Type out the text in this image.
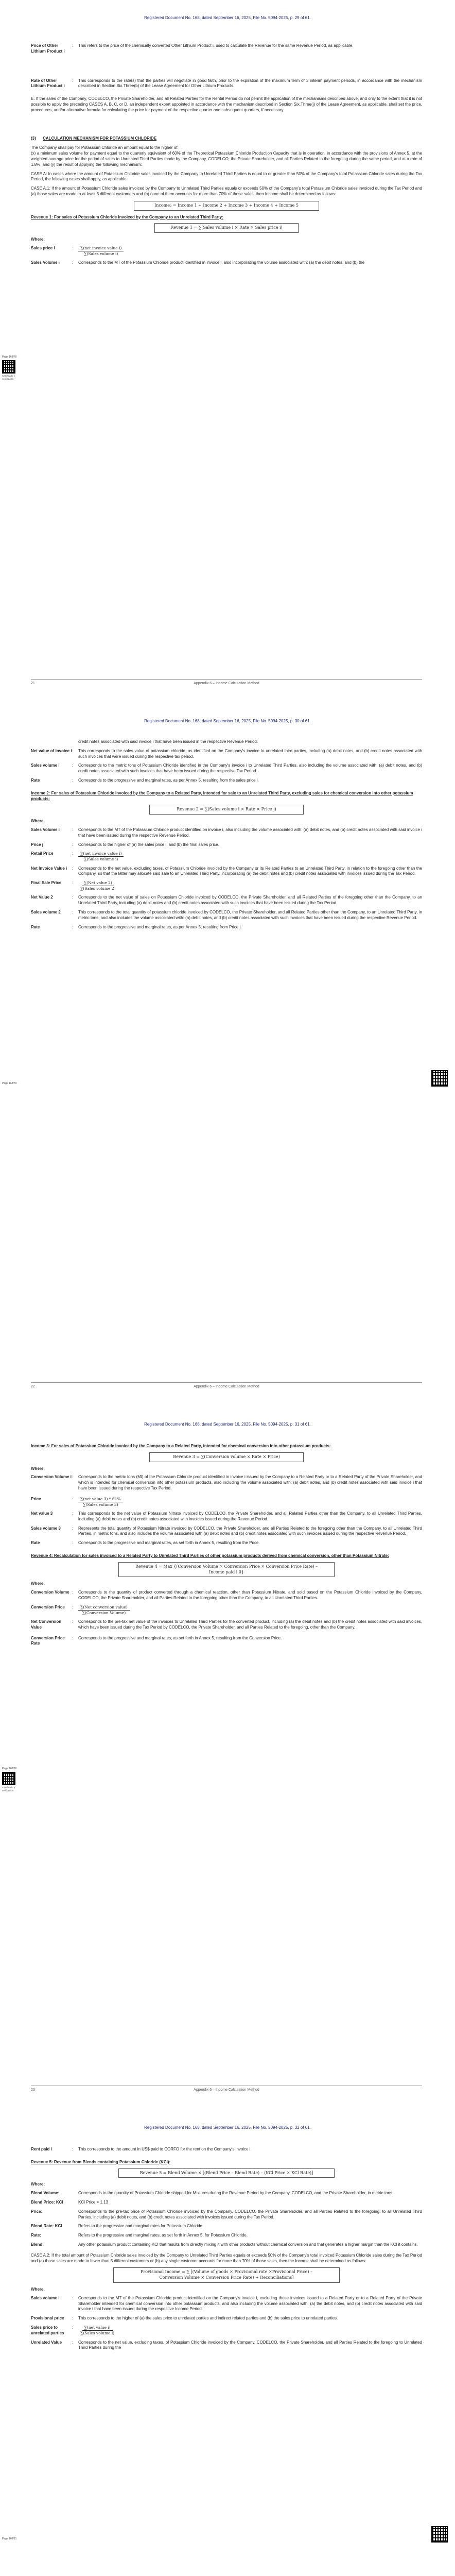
Registered Document No. 168, dated September 16, 2025, File No. 5094-2025, p. 29 of 61.
Page 168/78
Certificado y verificación
Price of Other Lithium Product i
:	This refers to the price of the chemically converted Other Lithium Product i, used to calculate the Revenue for the same Revenue Period, as applicable.
Rate of Other Lithium Product i
:	This corresponds to the rate(s) that the parties will negotiate in good faith, prior to the expiration of the maximum term of 3 interim payment periods, in accordance with the mechanism described in Section Six.Three(b) of the Lease Agreement for Other Lithium Products.

E. If the sales of the Company, CODELCO, the Private Shareholder, and all Related Parties for the Rental Period do not permit the application of the mechanisms described above, and only to the extent that it is not possible to apply the preceding CASES A, B, C, or D, an independent expert appointed in accordance with the mechanism described in Section Six.Three(j) of the Lease Agreement, as applicable, shall set the price, procedures, and/or alternative formula for calculating the price for payment of the respective quarter and subsequent quarters, if necessary.

(3) CALCULATION MECHANISM FOR POTASSIUM CHLORIDE

The Company shall pay for Potassium Chloride an amount equal to the higher of:
(x) a minimum sales volume for payment equal to the quarterly equivalent of 60% of the Theoretical Potassium Chloride Production Capacity that is in operation, in accordance with the provisions of Annex 5, at the weighted average price for the period of sales to Unrelated Third Parties made by the Company, CODELCO, the Private Shareholder, and all Parties Related to the foregoing during the same period, and at a rate of 1.8%, and (y) the result of applying the following mechanism:

CASE A: In cases where the amount of Potassium Chloride sales invoiced by the Company to Unrelated Third Parties is equal to or greater than 50% of the Company's total Potassium Chloride sales during the Tax Period, the following cases shall apply, as applicable:

CASE A.1: If the amount of Potassium Chloride sales invoiced by the Company to Unrelated Third Parties equals or exceeds 50% of the Company's total Potassium Chloride sales invoiced during the Tax Period and (a) those sales are made to at least 3 different customers and (b) none of them accounts for more than 70% of those sales, then Income shall be determined as follows:

Income₂ = Income 1 + Income 2 + Income 3 + Income 4 + Income 5
Revenue 1: For sales of Potassium Chloride invoiced by the Company to an Unrelated Third Party:
Revenue 1 = ∑(Sales volume i × Rate × Sales price i)
Where,
Sales price i	:	$\frac{\text{∑(net invoice value i)}}{\text{∑(Sales volume i)}}$
Sales Volume i	:	Corresponds to the MT of the Potassium Chloride product identified in invoice i, also incorporating the volume associated with: (a) the debit notes, and (b) the
21	Appendix 6 – Income Calculation Method
Registered Document No. 168, dated September 16, 2025, File No. 5094-2025, p. 30 of 61.
Page 168/79

credit notes associated with said invoice i that have been issued in the respective Revenue Period.

Net value of invoice i :	This corresponds to the sales value of potassium chloride, as identified on the Company's invoice to unrelated third parties, including (a) debit notes, and (b) credit notes associated with such invoices that were issued during the respective tax period.
Sales volume i	:	Corresponds to the metric tons of Potassium Chloride identified in the Company's invoice i to Unrelated Third Parties, also including the volume associated with: (a) debit notes, and (b) credit notes associated with such invoices that have been issued during the respective Tax Period.
Rate	:	Corresponds to the progressive and marginal rates, as per Annex 5, resulting from the sales price i.
Income 2: For sales of Potassium Chloride invoiced by the Company to a Related Party, intended for sale to an Unrelated Third Party, excluding sales for chemical conversion into other potassium products:
Revenue 2 = ∑(Sales volume i × Rate × Price j)
Where,
Sales Volume i	:	Corresponds to the MT of the Potassium Chloride product identified on invoice i, also including the volume associated with: (a) debit notes, and (b) credit notes associated with said invoice i that have been issued during the respective Revenue Period.
Price j	:	Corresponds to the higher of (a) the sales price i, and (b) the final sales price.
Retail Price	:	$\frac{\text{∑(net invoice value i)}}{\text{∑(Sales volume i)}}$
Net Invoice Value i	:	Corresponds to the net value, excluding taxes, of Potassium Chloride invoiced by the Company or its Related Parties to an Unrelated Third Party, in relation to the foregoing other than the Company, so that the latter may allocate said sale to an Unrelated Third Party, incorporating (a) the debit notes and (b) credit notes associated with invoices issued during the Tax Period.
Final Sale Price	:	$\frac{\text{∑(Net value 2)}}{\text{∑(Sales volume 2)}}$
Net Value 2	:	Corresponds to the net value of sales on Potassium Chloride invoiced by CODELCO, the Private Shareholder, and all Related Parties of the foregoing other than the Company, to an Unrelated Third Party, including (a) debit notes and (b) credit notes associated with such invoices that have been issued during the Tax Period.
Sales volume 2	:	This corresponds to the total quantity of potassium chloride invoiced by CODELCO, the Private Shareholder, and all Related Parties other than the Company, to an Unrelated Third Party, in metric tons, and also includes the volume associated with: (a) debit notes, and (b) credit notes associated with such invoices that have been issued during the respective Revenue Period.
Rate	:	Corresponds to the progressive and marginal rates, as per Annex 5, resulting from Price j.
22	Appendix 6 – Income Calculation Method
Registered Document No. 168, dated September 16, 2025, File No. 5094-2025, p. 31 of 61.
Page 168/80
Certificado y verificación
Income 3: For sales of Potassium Chloride invoiced by the Company to a Related Party, intended for chemical conversion into other potassium products:
Revenue 3 = ∑(Conversion volume × Rate × Price)
Where,
Conversion Volume i :	Corresponds to the metric tons (Mt) of the Potassium Chloride product identified in invoice i issued by the Company to a Related Party or to a Related Party of the Private Shareholder, and which is intended for chemical conversion into other potassium products, also including the volume associated with: (a) debit notes, and (b) credit notes associated with said invoice i that have been issued during the respective Tax Period.
Price	:	$\frac{\text{∑(net value 3) * 61\%}}{\text{∑(Sales volume 3)}}$
Net value 3	:	This corresponds to the net value of Potassium Nitrate invoiced by CODELCO, the Private Shareholder, and all Related Parties other than the Company, to all Unrelated Third Parties, including (a) debit notes and (b) credit notes associated with invoices issued during the Revenue Period.
Sales volume 3	:	Represents the total quantity of Potassium Nitrate invoiced by CODELCO, the Private Shareholder, and all Parties Related to the foregoing other than the Company, to all Unrelated Third Parties, in metric tons, and also includes the volume associated with (a) debit notes and (b) credit notes associated with such invoices issued during the respective Revenue Period.
Rate	:	Corresponds to the progressive and marginal rates, as set forth in Annex 5, resulting from the Price.
Revenue 4: Recalculation for sales invoiced to a Related Party to Unrelated Third Parties of other potassium products derived from chemical conversion, other than Potassium Nitrate:
Revenue 4 = Max {(Conversion Volume × Conversion Price × Conversion Price Rate) –
Income paid i.0}
Where,
Conversion Volume :	Corresponds to the quantity of product converted through a chemical reaction, other than Potassium Nitrate, and sold based on the Potassium Chloride invoiced by the Company, CODELCO, the Private Shareholder, and all Parties Related to the foregoing other than the Company, to all Unrelated Third Parties.
Conversion Price	:	$\frac{\text{∑(Net conversion value)}}{\text{∑(Conversion Volume)}}$
Net Conversion Value
:	Corresponds to the pre-tax net value of the invoices to Unrelated Third Parties for the converted product, including (a) the debit notes and (b) the credit notes associated with said invoices, which have been issued during the Tax Period by CODELCO, the Private Shareholder, and all Parties Related to the foregoing, other than the Company.
Conversion Price Rate
:	Corresponds to the progressive and marginal rates, as set forth in Annex 5, resulting from the Conversion Price.
23	Appendix 6 – Income Calculation Method
Registered Document No. 168, dated September 16, 2025, File No. 5094-2025, p. 32 of 61.
Page 168/81
Rent paid i	:	This corresponds to the amount in US$ paid to CORFO for the rent on the Company's invoice i.
Revenue 5: Revenue from Blends containing Potassium Chloride (KCl):
Revenue 5 = Blend Volume × [(Blend Price – Blend Rate) – (KCl Price × KCl Rate)]
Where:
Blend Volume:	Corresponds to the quantity of Potassium Chloride shipped for Mixtures during the Revenue Period by the Company, CODELCO, and the Private Shareholder, in metric tons.
Blend Price: KCl	KCl Price × 1.13
Price:	Corresponds to the pre-tax price of Potassium Chloride invoiced by the Company, CODELCO, the Private Shareholder, and all Parties Related to the foregoing, to all Unrelated Third Parties, including (a) debit notes, and (b) credit notes associated with invoices issued during the Tax Period.
Blend Rate: KCl	Refers to the progressive and marginal rates for Potassium Chloride.
Rate:	Refers to the progressive and marginal rates, as set forth in Annex 5, for Potassium Chloride.
Blend:	Any other potassium product containing KCl that results from directly mixing it with other products without chemical conversion and that generates a higher margin than the KCl it contains.

CASE A.2: If the total amount of Potassium Chloride sales invoiced by the Company to Unrelated Third Parties equals or exceeds 50% of the Company's total invoiced Potassium Chloride sales during the Tax Period and (a) those sales are made to fewer than 5 different customers or (b) any single customer accounts for more than 70% of those sales, then the Income shall be determined as follows:

Provisional Income = ∑ [(Volume of goods × Provisional rate ×Provisional Price) –
Conversion Volume × Conversion Price Rate) + Reconciliations]
Where,
Sales volume i	:	Corresponds to the MT of the Potassium Chloride product identified on the Company's invoice i, excluding those invoices issued to a Related Party or to a Related Party of the Private Shareholder intended for chemical conversion into other potassium products, and also including the volume associated with: (a) the debit notes, and (b) credit notes associated with said invoice i that have been issued during the respective Income Period.
Provisional price	:	This corresponds to the higher of (a) the sales price to unrelated parties and indirect related parties and (b) the sales price to unrelated parties.
Sales price to unrelated parties
:	$\frac{\text{∑(net value i)}}{\text{∑(Sales volume i)}}$
Unrelated Value	:	Corresponds to the net value, excluding taxes, of Potassium Chloride invoiced by the Company, CODELCO, the Private Shareholder, and all Parties Related to the foregoing to Unrelated Third Parties during the
